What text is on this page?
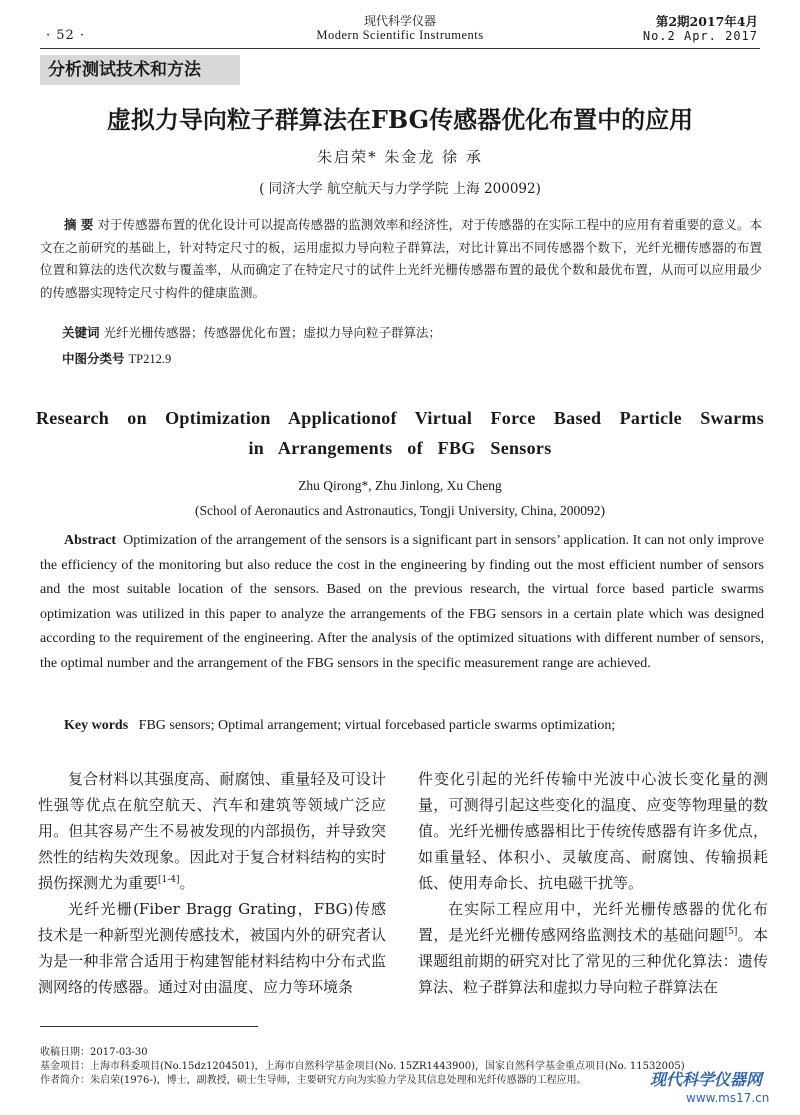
· 52 ·
现代科学仪器
Modern Scientific Instruments
第2期2017年4月
No.2 Apr. 2017
分析测试技术和方法
虚拟力导向粒子群算法在FBG传感器优化布置中的应用
朱启荣* 朱金龙 徐 承
( 同济大学 航空航天与力学学院 上海 200092)
摘 要 对于传感器布置的优化设计可以提高传感器的监测效率和经济性，对于传感器的在实际工程中的应用有着重要的意义。本文在之前研究的基础上，针对特定尺寸的板，运用虚拟力导向粒子群算法，对比计算出不同传感器个数下，光纤光栅传感器的布置位置和算法的迭代次数与覆盖率，从而确定了在特定尺寸的试件上光纤光栅传感器布置的最优个数和最优布置，从而可以应用最少的传感器实现特定尺寸构件的健康监测。
关键词 光纤光栅传感器；传感器优化布置；虚拟力导向粒子群算法；
中图分类号 TP212.9
Research on Optimization Applicationof Virtual Force Based Particle Swarms in Arrangements of FBG Sensors
Zhu Qirong*, Zhu Jinlong, Xu Cheng
(School of Aeronautics and Astronautics, Tongji University, China, 200092)
Abstract Optimization of the arrangement of the sensors is a significant part in sensors’ application. It can not only improve the efficiency of the monitoring but also reduce the cost in the engineering by finding out the most efficient number of sensors and the most suitable location of the sensors. Based on the previous research, the virtual force based particle swarms optimization was utilized in this paper to analyze the arrangements of the FBG sensors in a certain plate which was designed according to the requirement of the engineering. After the analysis of the optimized situations with different number of sensors, the optimal number and the arrangement of the FBG sensors in the specific measurement range are achieved.
Key words FBG sensors; Optimal arrangement; virtual forcebased particle swarms optimization;

复合材料以其强度高、耐腐蚀、重量轻及可设计性强等优点在航空航天、汽车和建筑等领域广泛应用。但其容易产生不易被发现的内部损伤，并导致突然性的结构失效现象。因此对于复合材料结构的实时损伤探测尤为重要[1-4]。

光纤光栅(Fiber Bragg Grating，FBG)传感技术是一种新型光测传感技术，被国内外的研究者认为是一种非常合适用于构建智能材料结构中分布式监测网络的传感器。通过对由温度、应力等环境条

件变化引起的光纤传输中光波中心波长变化量的测量，可测得引起这些变化的温度、应变等物理量的数值。光纤光栅传感器相比于传统传感器有许多优点，如重量轻、体积小、灵敏度高、耐腐蚀、传输损耗低、使用寿命长、抗电磁干扰等。

在实际工程应用中，光纤光栅传感器的优化布置，是光纤光栅传感网络监测技术的基础问题[5]。本课题组前期的研究对比了常见的三种优化算法：遗传算法、粒子群算法和虚拟力导向粒子群算法在

收稿日期：2017-03-30
基金项目：上海市科委项目(No.15dz1204501)，上海市自然科学基金项目(No. 15ZR1443900)，国家自然科学基金重点项目(No. 11532005)
作者简介：朱启荣(1976-)，博士，副教授，硕士生导师，主要研究方向为实验力学及其信息处理和光纤传感器的工程应用。	现代科学仪器网
www.ms17.cn
